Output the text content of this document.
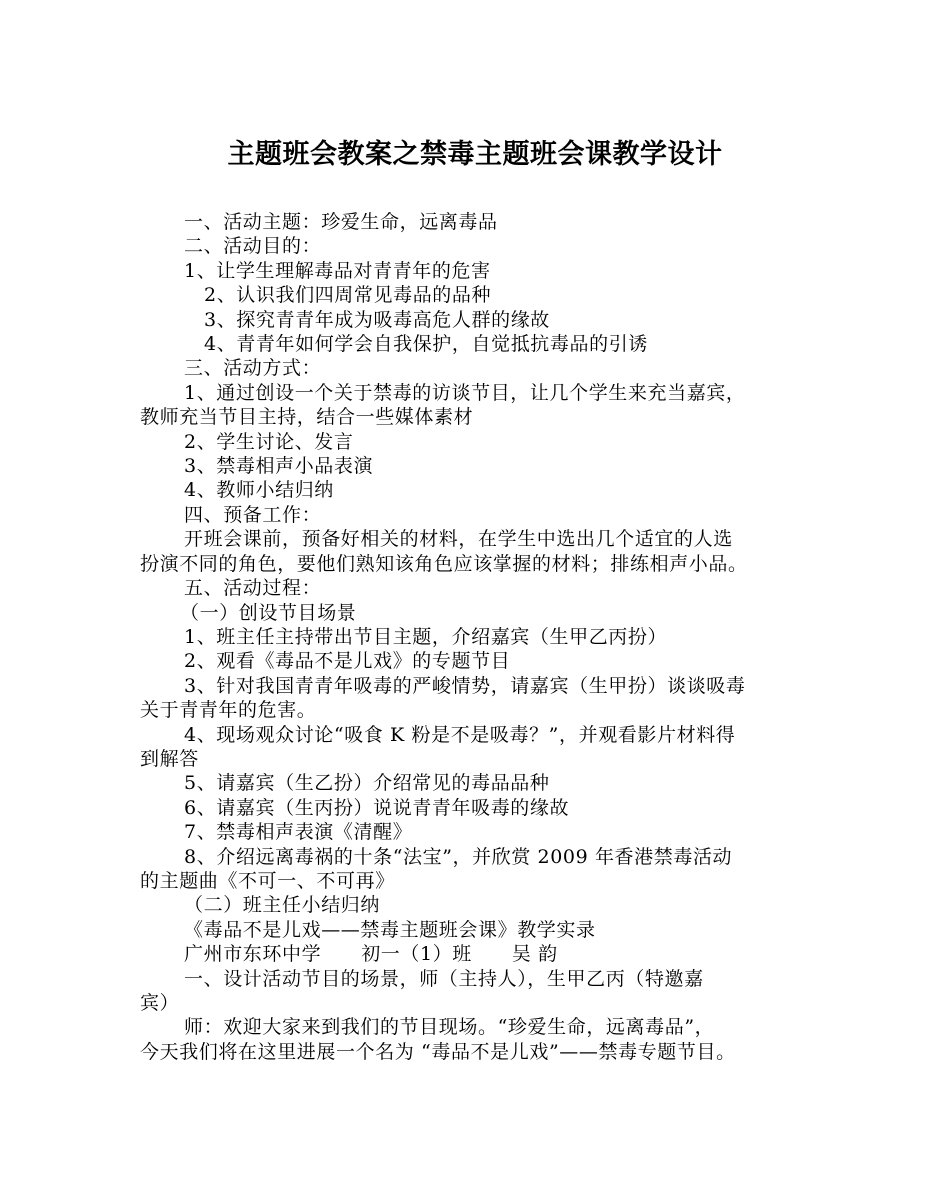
主题班会教案之禁毒主题班会课教学设计

一、活动主题：珍爱生命，远离毒品

二、活动目的：

1、让学生理解毒品对青青年的危害

2、认识我们四周常见毒品的品种

3、探究青青年成为吸毒高危人群的缘故

4、青青年如何学会自我保护，自觉抵抗毒品的引诱

三、活动方式：

1、通过创设一个关于禁毒的访谈节目，让几个学生来充当嘉宾，

教师充当节目主持，结合一些媒体素材

2、学生讨论、发言

3、禁毒相声小品表演

4、教师小结归纳

四、预备工作：

开班会课前，预备好相关的材料，在学生中选出几个适宜的人选

扮演不同的角色，要他们熟知该角色应该掌握的材料；排练相声小品。

五、活动过程：

（一）创设节目场景

1、班主任主持带出节目主题，介绍嘉宾（生甲乙丙扮）

2、观看《毒品不是儿戏》的专题节目

3、针对我国青青年吸毒的严峻情势，请嘉宾（生甲扮）谈谈吸毒

关于青青年的危害。

4、现场观众讨论“吸食 K 粉是不是吸毒？”，并观看影片材料得

到解答

5、请嘉宾（生乙扮）介绍常见的毒品品种

6、请嘉宾（生丙扮）说说青青年吸毒的缘故

7、禁毒相声表演《清醒》

8、介绍远离毒祸的十条“法宝”，并欣赏 2009 年香港禁毒活动

的主题曲《不可一、不可再》

（二）班主任小结归纳

《毒品不是儿戏——禁毒主题班会课》教学实录

广州市东环中学 初一（1）班 吴 韵

一、设计活动节目的场景，师（主持人），生甲乙丙（特邀嘉

宾）

师：欢迎大家来到我们的节目现场。“珍爱生命，远离毒品”，

今天我们将在这里进展一个名为 “毒品不是儿戏”——禁毒专题节目。
